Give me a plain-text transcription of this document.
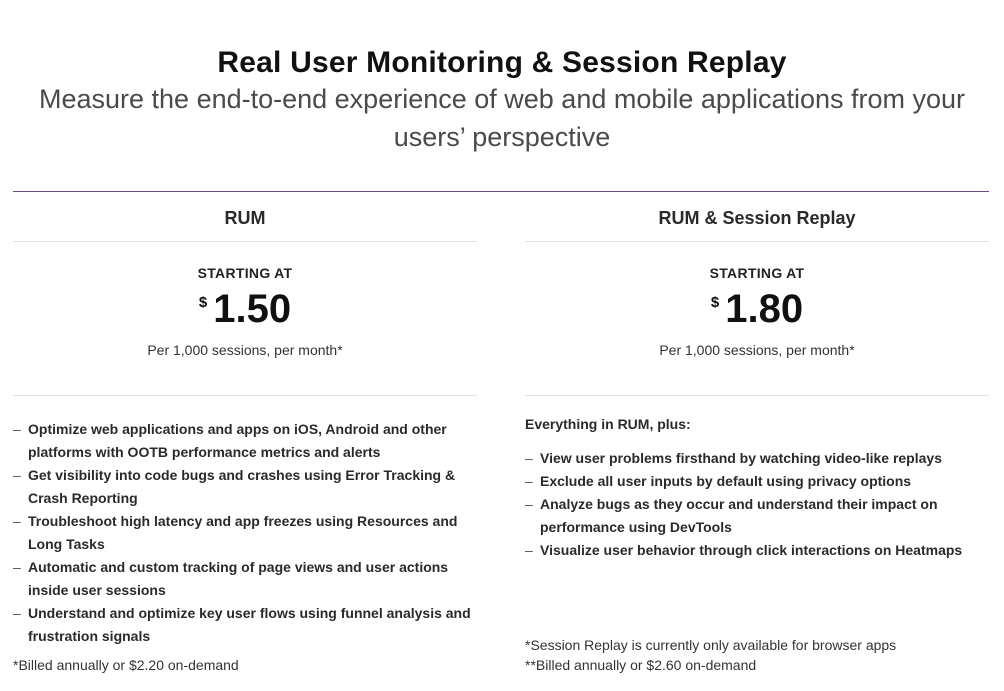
Real User Monitoring & Session Replay
Measure the end-to-end experience of web and mobile applications from your users’ perspective
RUM
STARTING AT
$ 1.50
Per 1,000 sessions, per month*
– Optimize web applications and apps on iOS, Android and other platforms with OOTB performance metrics and alerts
– Get visibility into code bugs and crashes using Error Tracking & Crash Reporting
– Troubleshoot high latency and app freezes using Resources and Long Tasks
– Automatic and custom tracking of page views and user actions inside user sessions
– Understand and optimize key user flows using funnel analysis and frustration signals
*Billed annually or $2.20 on-demand
RUM & Session Replay
STARTING AT
$ 1.80
Per 1,000 sessions, per month*
Everything in RUM, plus:
– View user problems firsthand by watching video-like replays
– Exclude all user inputs by default using privacy options
– Analyze bugs as they occur and understand their impact on performance using DevTools
– Visualize user behavior through click interactions on Heatmaps
*Session Replay is currently only available for browser apps
**Billed annually or $2.60 on-demand
